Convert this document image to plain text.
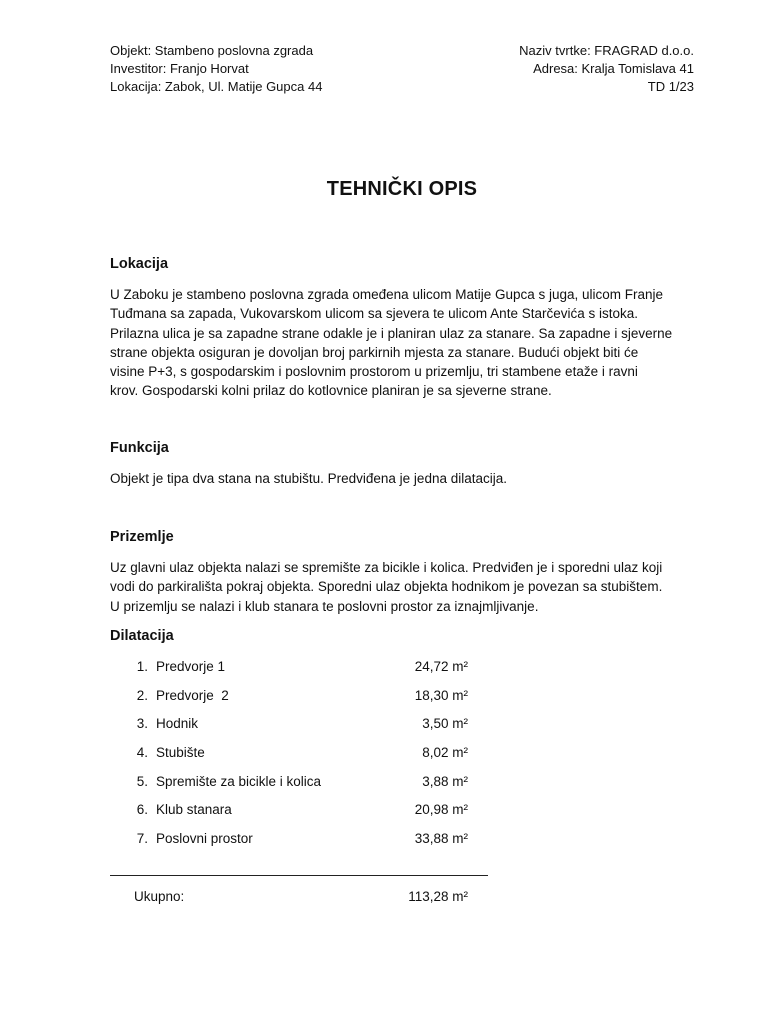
Objekt: Stambeno poslovna zgrada
Investitor: Franjo Horvat
Lokacija: Zabok, Ul. Matije Gupca 44
Naziv tvrtke: FRAGRAD d.o.o.
Adresa: Kralja Tomislava 41
TD 1/23
TEHNIČKI OPIS
Lokacija
U Zaboku je stambeno poslovna zgrada omeđena ulicom Matije Gupca s juga, ulicom Franje
Tuđmana sa zapada, Vukovarskom ulicom sa sjevera te ulicom Ante Starčevića s istoka.
Prilazna ulica je sa zapadne strane odakle je i planiran ulaz za stanare. Sa zapadne i sjeverne
strane objekta osiguran je dovoljan broj parkirnih mjesta za stanare. Budući objekt biti će
visine P+3, s gospodarskim i poslovnim prostorom u prizemlju, tri stambene etaže i ravni
krov. Gospodarski kolni prilaz do kotlovnice planiran je sa sjeverne strane.
Funkcija
Objekt je tipa dva stana na stubištu. Predviđena je jedna dilatacija.
Prizemlje
Uz glavni ulaz objekta nalazi se spremište za bicikle i kolica. Predviđen je i sporedni ulaz koji
vodi do parkirališta pokraj objekta. Sporedni ulaz objekta hodnikom je povezan sa stubištem.
U prizemlju se nalazi i klub stanara te poslovni prostor za iznajmljivanje.
Dilatacija
1. Predvorje 1	24,72 m²
2. Predvorje  2	18,30 m²
3. Hodnik	3,50 m²
4. Stubište	8,02 m²
5. Spremište za bicikle i kolica	3,88 m²
6. Klub stanara	20,98 m²
7. Poslovni prostor	33,88 m²
Ukupno:	113,28 m²
